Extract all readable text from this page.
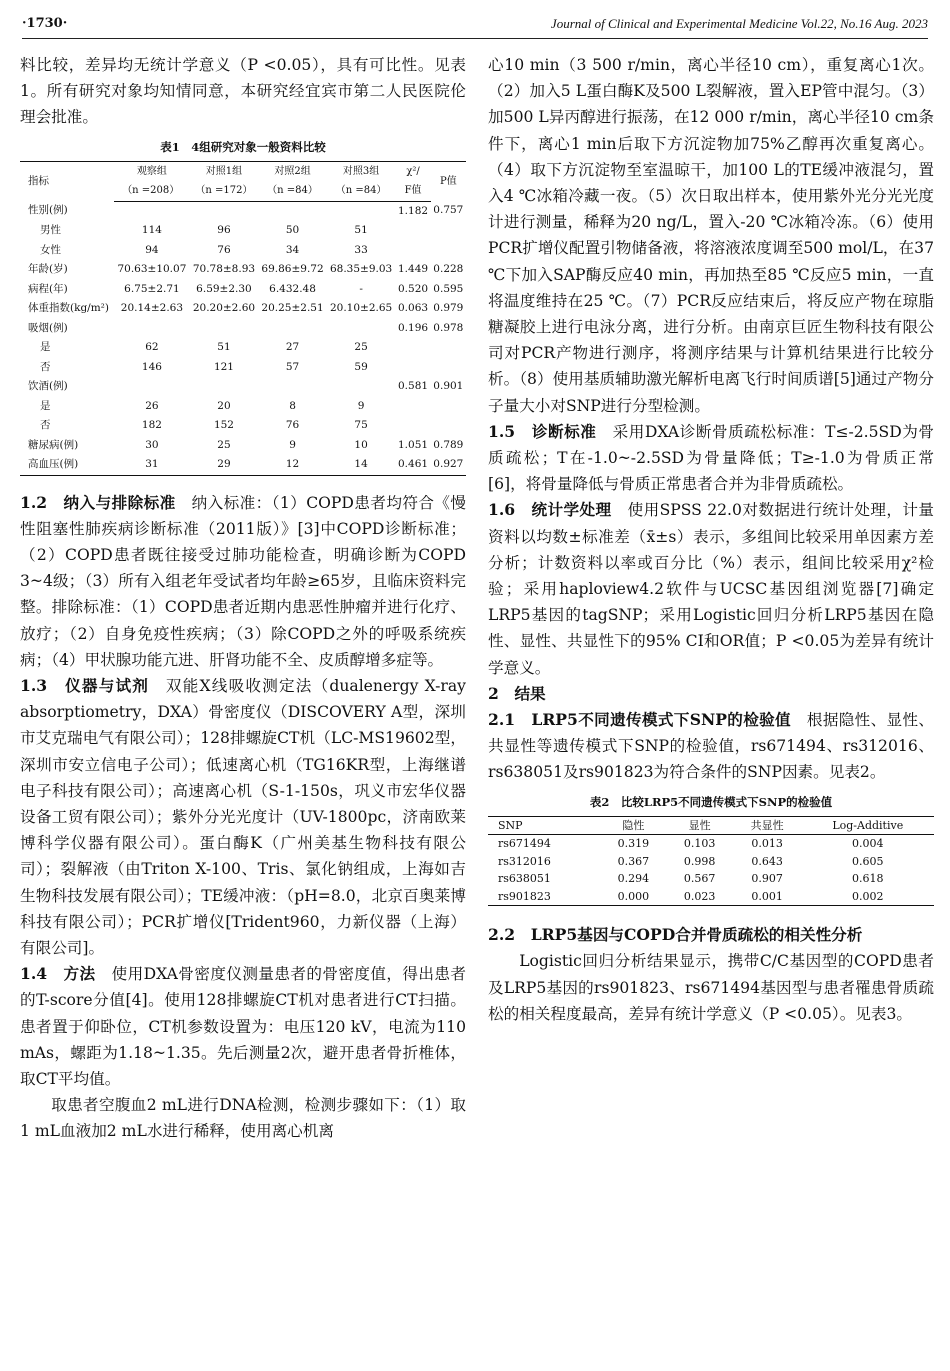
·1730·	Journal of Clinical and Experimental Medicine Vol.22, No.16 Aug. 2023

料比较，差异均无统计学意义（P <0.05），具有可比性。见表1。所有研究对象均知情同意，本研究经宜宾市第二人民医院伦理会批准。

表1　4组研究对象一般资料比较
指标	观察组	对照1组	对照2组	对照3组	χ²/	P值
	（n =208）	（n =172）	（n =84）	（n =84）	F值	
性别(例)					1.182	0.757
男性	114	96	50	51		
女性	94	76	34	33		
年龄(岁)	70.63±10.07	70.78±8.93	69.86±9.72	68.35±9.03	1.449	0.228
病程(年)	6.75±2.71	6.59±2.30	6.432.48	-	0.520	0.595
体重指数(kg/m²)	20.14±2.63	20.20±2.60	20.25±2.51	20.10±2.65	0.063	0.979
吸烟(例)					0.196	0.978
是	62	51	27	25		
否	146	121	57	59		
饮酒(例)					0.581	0.901
是	26	20	8	9		
否	182	152	76	75		
糖尿病(例)	30	25	9	10	1.051	0.789
高血压(例)	31	29	12	14	0.461	0.927

1.2　纳入与排除标准　 纳入标准：（1）COPD患者均符合《慢性阻塞性肺疾病诊断标准（2011版）》[3]中COPD诊断标准；（2）COPD患者既往接受过肺功能检查，明确诊断为COPD 3~4级；（3）所有入组老年受试者均年龄≥65岁，且临床资料完整。排除标准：（1）COPD患者近期内患恶性肿瘤并进行化疗、放疗；（2）自身免疫性疾病；（3）除COPD之外的呼吸系统疾病；（4）甲状腺功能亢进、肝肾功能不全、皮质醇增多症等。

1.3　仪器与试剂　 双能X线吸收测定法（dualenergy X-ray absorptiometry，DXA）骨密度仪（DISCOVERY A型，深圳市艾克瑞电气有限公司）；128排螺旋CT机（LC-MS19602型，深圳市安立信电子公司）；低速离心机（TG16KR型，上海继谱电子科技有限公司）；高速离心机（S-1-150s，巩义市宏华仪器设备工贸有限公司）；紫外分光光度计（UV-1800pc，济南欧莱博科学仪器有限公司）。蛋白酶K（广州美基生物科技有限公司）；裂解液（由Triton X-100、Tris、氯化钠组成，上海如吉生物科技发展有限公司）；TE缓冲液：（pH=8.0，北京百奥莱博科技有限公司）；PCR扩增仪[Trident960，力新仪器（上海）有限公司]。

1.4　方法　 使用DXA骨密度仪测量患者的骨密度值，得出患者的T-score分值[4]。使用128排螺旋CT机对患者进行CT扫描。患者置于仰卧位，CT机参数设置为：电压120 kV，电流为110 mAs，螺距为1.18~1.35。先后测量2次，避开患者骨折椎体，取CT平均值。

取患者空腹血2 mL进行DNA检测，检测步骤如下：（1）取1 mL血液加2 mL水进行稀释，使用离心机离

心10 min（3 500 r/min，离心半径10 cm），重复离心1次。（2）加入5 L蛋白酶K及500 L裂解液，置入EP管中混匀。（3）加500 L异丙醇进行振荡，在12 000 r/min，离心半径10 cm条件下，离心1 min后取下方沉淀物加75%乙醇再次重复离心。（4）取下方沉淀物至室温晾干，加100 L的TE缓冲液混匀，置入4 ℃冰箱冷藏一夜。（5）次日取出样本，使用紫外光分光光度计进行测量，稀释为20 ng/L，置入-20 ℃冰箱冷冻。（6）使用PCR扩增仪配置引物储备液，将溶液浓度调至500 mol/L，在37 ℃下加入SAP酶反应40 min，再加热至85 ℃反应5 min，一直将温度维持在25 ℃。（7）PCR反应结束后，将反应产物在琼脂糖凝胶上进行电泳分离，进行分析。由南京巨匠生物科技有限公司对PCR产物进行测序，将测序结果与计算机结果进行比较分析。（8）使用基质辅助激光解析电离飞行时间质谱[5]通过产物分子量大小对SNP进行分型检测。

1.5　诊断标准　 采用DXA诊断骨质疏松标准：T≤-2.5SD为骨质疏松；T在-1.0~-2.5SD为骨量降低；T≥-1.0为骨质正常[6]，将骨量降低与骨质正常患者合并为非骨质疏松。

1.6　统计学处理　 使用SPSS 22.0对数据进行统计处理，计量资料以均数±标准差（x̄±s）表示，多组间比较采用单因素方差分析；计数资料以率或百分比（%）表示，组间比较采用χ²检验；采用haploview4.2软件与UCSC基因组浏览器[7]确定LRP5基因的tagSNP；采用Logistic回归分析LRP5基因在隐性、显性、共显性下的95% CI和OR值；P <0.05为差异有统计学意义。

2　结果

2.1　LRP5不同遗传模式下SNP的检验值　 根据隐性、显性、共显性等遗传模式下SNP的检验值，rs671494、rs312016、rs638051及rs901823为符合条件的SNP因素。见表2。

表2　比较LRP5不同遗传模式下SNP的检验值
SNP	隐性	显性	共显性	Log-Additive
rs671494	0.319	0.103	0.013	0.004
rs312016	0.367	0.998	0.643	0.605
rs638051	0.294	0.567	0.907	0.618
rs901823	0.000	0.023	0.001	0.002

2.2　LRP5基因与COPD合并骨质疏松的相关性分析

Logistic回归分析结果显示，携带C/C基因型的COPD患者及LRP5基因的rs901823、rs671494基因型与患者罹患骨质疏松的相关程度最高，差异有统计学意义（P <0.05）。见表3。
